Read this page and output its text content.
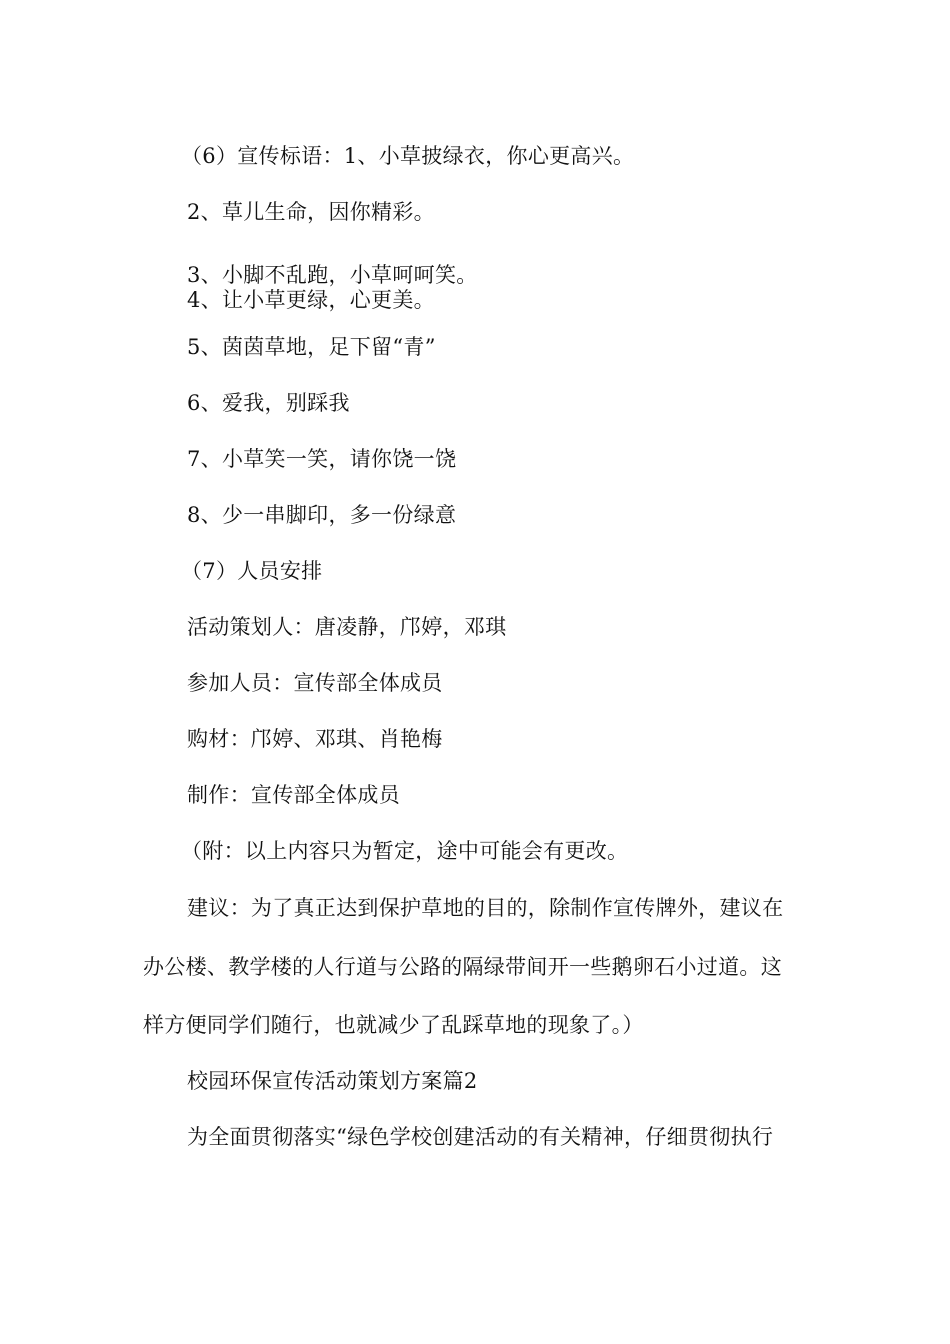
（6）宣传标语：1、小草披绿衣，你心更高兴。
2、草儿生命，因你精彩。
3、小脚不乱跑，小草呵呵笑。
4、让小草更绿，心更美。
5、茵茵草地，足下留“青”
6、爱我，别踩我
7、小草笑一笑，请你饶一饶
8、少一串脚印，多一份绿意
（7）人员安排
活动策划人：唐凌静，邝婷，邓琪
参加人员：宣传部全体成员
购材：邝婷、邓琪、肖艳梅
制作：宣传部全体成员
（附：以上内容只为暂定，途中可能会有更改。
建议：为了真正达到保护草地的目的，除制作宣传牌外，建议在
办公楼、教学楼的人行道与公路的隔绿带间开一些鹅卵石小过道。这
样方便同学们随行，也就减少了乱踩草地的现象了。）
校园环保宣传活动策划方案篇2
为全面贯彻落实“绿色学校创建活动的有关精神，仔细贯彻执行
